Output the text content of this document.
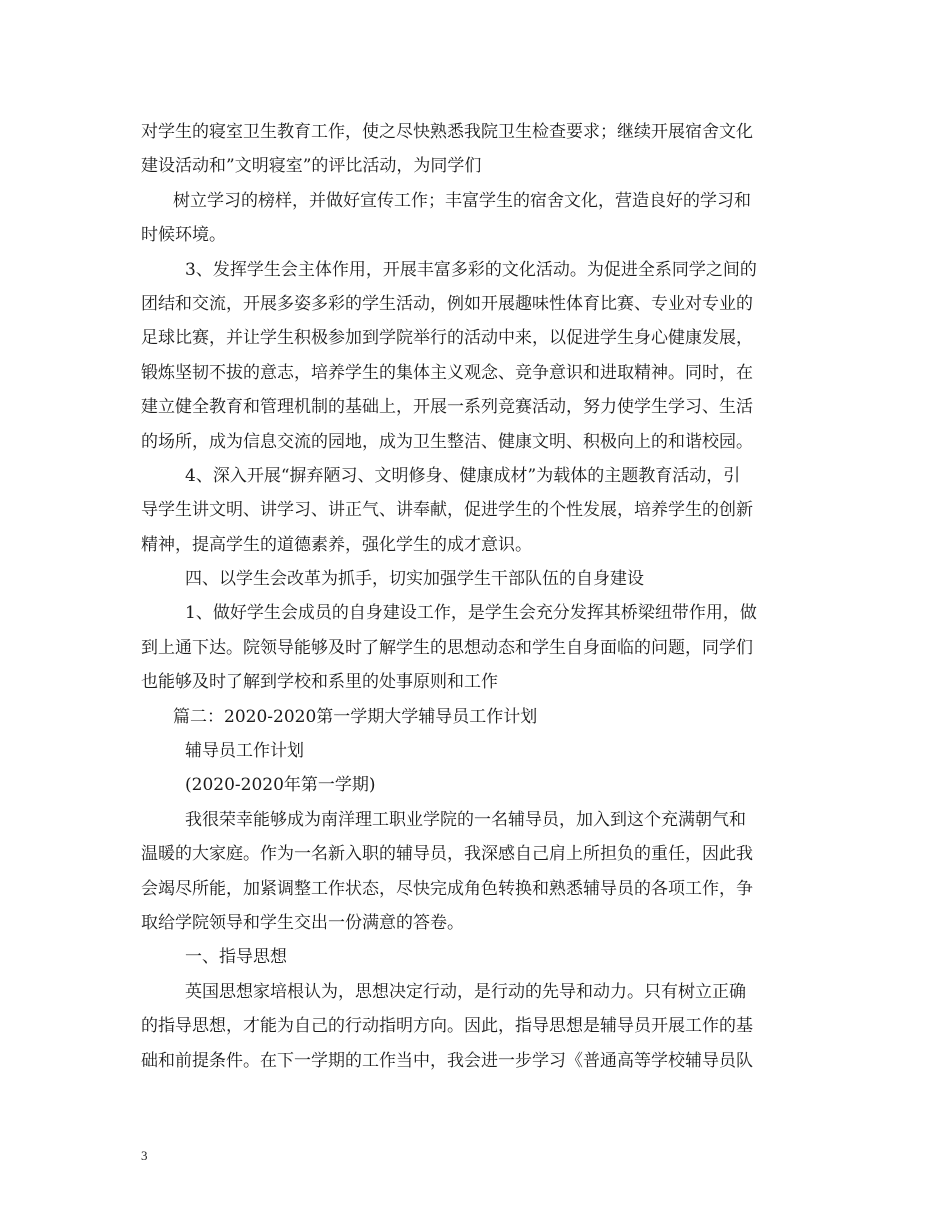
对学生的寝室卫生教育工作，使之尽快熟悉我院卫生检查要求；继续开展宿舍文化
建设活动和”文明寝室”的评比活动，为同学们
树立学习的榜样，并做好宣传工作；丰富学生的宿舍文化，营造良好的学习和
时候环境。
3、发挥学生会主体作用，开展丰富多彩的文化活动。为促进全系同学之间的
团结和交流，开展多姿多彩的学生活动，例如开展趣味性体育比赛、专业对专业的
足球比赛，并让学生积极参加到学院举行的活动中来，以促进学生身心健康发展，
锻炼坚韧不拔的意志，培养学生的集体主义观念、竞争意识和进取精神。同时，在
建立健全教育和管理机制的基础上，开展一系列竞赛活动，努力使学生学习、生活
的场所，成为信息交流的园地，成为卫生整洁、健康文明、积极向上的和谐校园。
4、深入开展“摒弃陋习、文明修身、健康成材”为载体的主题教育活动，引
导学生讲文明、讲学习、讲正气、讲奉献，促进学生的个性发展，培养学生的创新
精神，提高学生的道德素养，强化学生的成才意识。
四、以学生会改革为抓手，切实加强学生干部队伍的自身建设
1、做好学生会成员的自身建设工作，是学生会充分发挥其桥梁纽带作用，做
到上通下达。院领导能够及时了解学生的思想动态和学生自身面临的问题，同学们
也能够及时了解到学校和系里的处事原则和工作
篇二：2020-2020第一学期大学辅导员工作计划
辅导员工作计划
(2020-2020年第一学期)
我很荣幸能够成为南洋理工职业学院的一名辅导员，加入到这个充满朝气和
温暖的大家庭。作为一名新入职的辅导员，我深感自己肩上所担负的重任，因此我
会竭尽所能，加紧调整工作状态，尽快完成角色转换和熟悉辅导员的各项工作，争
取给学院领导和学生交出一份满意的答卷。
一、指导思想
英国思想家培根认为，思想决定行动，是行动的先导和动力。只有树立正确
的指导思想，才能为自己的行动指明方向。因此，指导思想是辅导员开展工作的基
础和前提条件。在下一学期的工作当中，我会进一步学习《普通高等学校辅导员队
3
